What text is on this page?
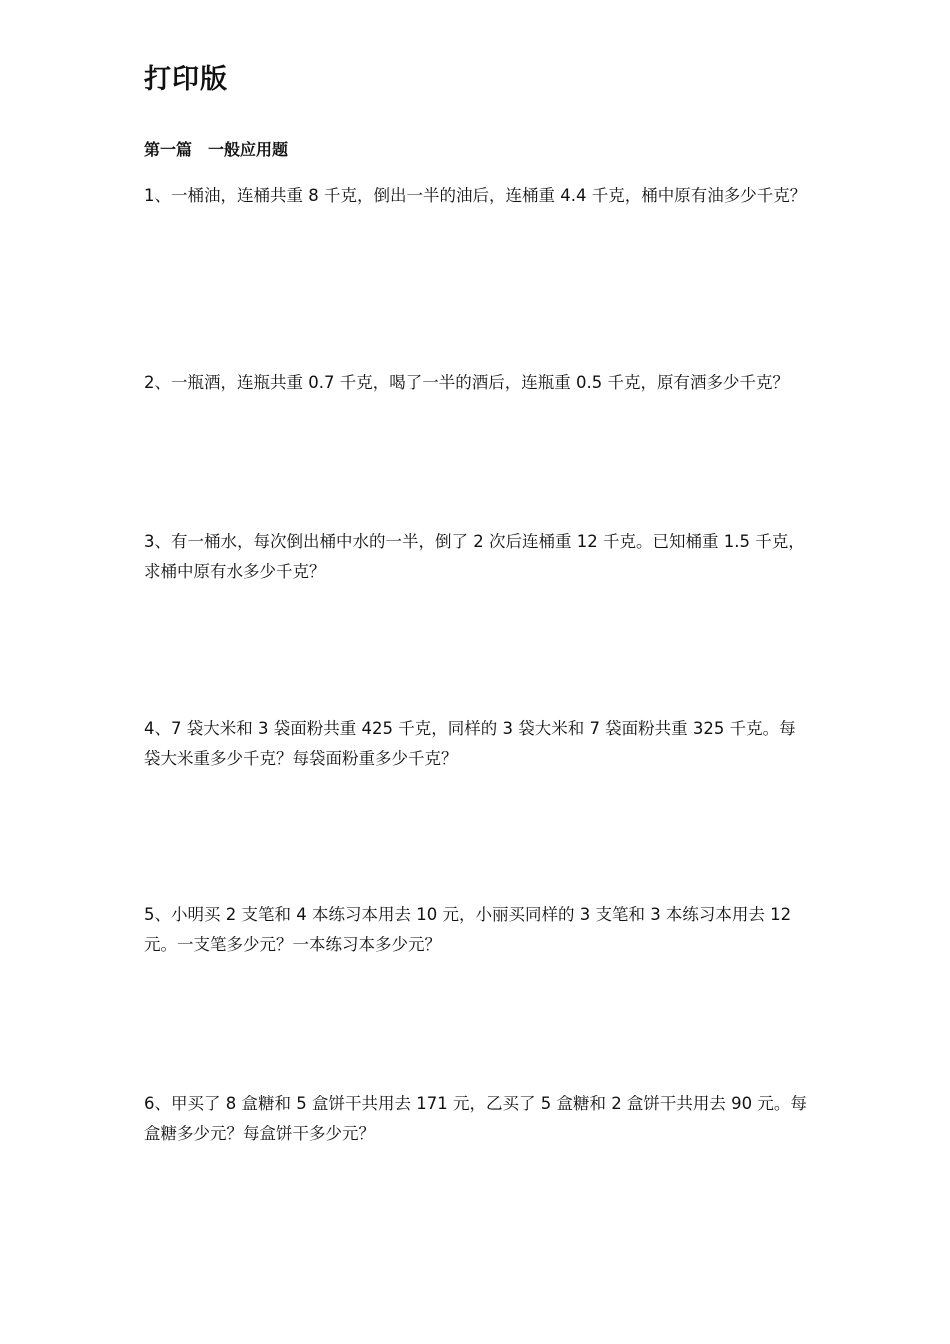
打印版
第一篇　一般应用题

1、一桶油，连桶共重 8 千克，倒出一半的油后，连桶重 4.4 千克，桶中原有油多少千克？

2、一瓶酒，连瓶共重 0.7 千克，喝了一半的酒后，连瓶重 0.5 千克，原有酒多少千克？

3、有一桶水，每次倒出桶中水的一半，倒了 2 次后连桶重 12 千克。已知桶重 1.5 千克，求桶中原有水多少千克？

4、7 袋大米和 3 袋面粉共重 425 千克，同样的 3 袋大米和 7 袋面粉共重 325 千克。每袋大米重多少千克？每袋面粉重多少千克？

5、小明买 2 支笔和 4 本练习本用去 10 元，小丽买同样的 3 支笔和 3 本练习本用去 12 元。一支笔多少元？一本练习本多少元？

6、甲买了 8 盒糖和 5 盒饼干共用去 171 元，乙买了 5 盒糖和 2 盒饼干共用去 90 元。每盒糖多少元？每盒饼干多少元？
